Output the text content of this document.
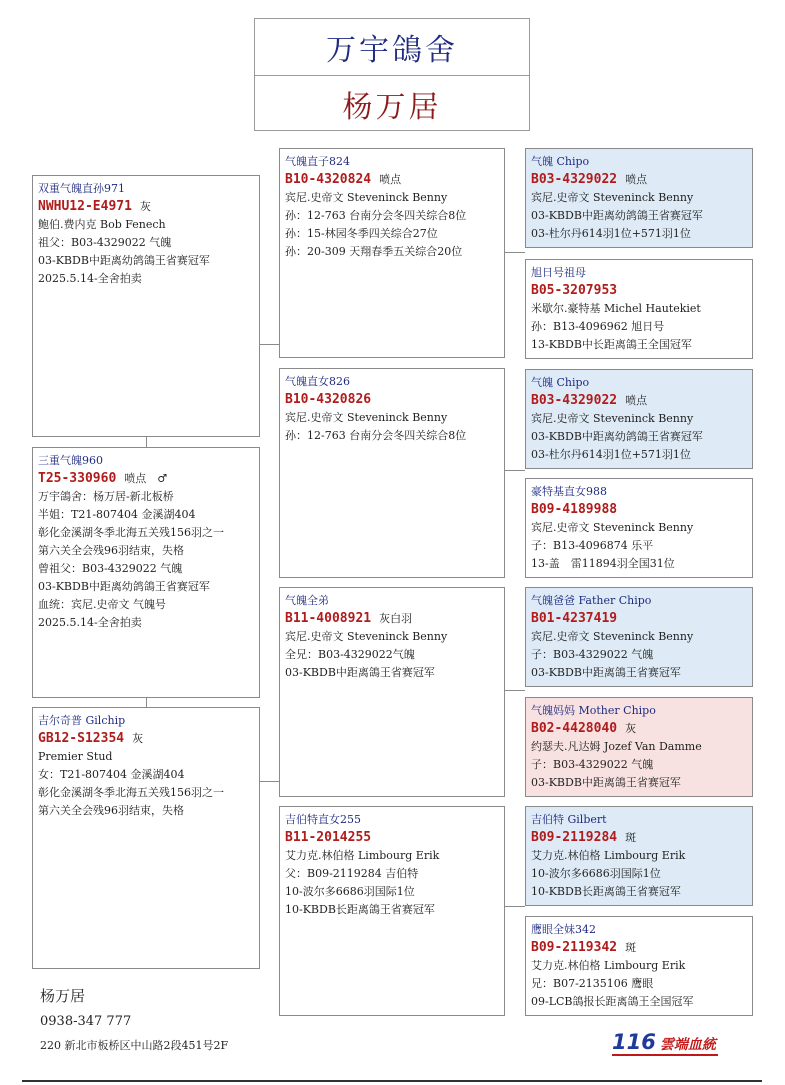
万宇鴿舍
杨万居
双重气魄直孙971
NWHU12-E4971 灰
鲍伯.费内克 Bob Fenech
祖父：B03-4329022 气魄
03-KBDB中距离幼鸽鴿王省赛冠军
2025.5.14-全舍拍卖
三重气魄960
T25-330960 喷点　♂
万宇鴿舍：杨万居-新北板桥
半姐：T21-807404 金溪湖404
彰化金溪湖冬季北海五关残156羽之一
第六关全会残96羽结束，失格
曾祖父：B03-4329022 气魄
03-KBDB中距离幼鸽鴿王省赛冠军
血统：宾尼.史帝文 气魄号
2025.5.14-全舍拍卖
吉尔奇普 Gilchip
GB12-S12354 灰
Premier Stud
女：T21-807404 金溪湖404
彰化金溪湖冬季北海五关残156羽之一
第六关全会残96羽结束，失格
气魄直子824
B10-4320824 喷点
宾尼.史帝文 Steveninck Benny
孙：12-763 台南分会冬四关综合8位
孙：15-林园冬季四关综合27位
孙：20-309 天翔春季五关综合20位
气魄直女826
B10-4320826
宾尼.史帝文 Steveninck Benny
孙：12-763 台南分会冬四关综合8位
气魄全弟
B11-4008921 灰白羽
宾尼.史帝文 Steveninck Benny
全兄：B03-4329022气魄
03-KBDB中距离鴿王省赛冠军
吉伯特直女255
B11-2014255
艾力克.林伯格 Limbourg Erik
父：B09-2119284 吉伯特
10-波尔多6686羽国际1位
10-KBDB长距离鴿王省赛冠军
气魄 Chipo
B03-4329022 喷点
宾尼.史帝文 Steveninck Benny
03-KBDB中距离幼鸽鴿王省赛冠军
03-杜尔丹614羽1位+571羽1位
旭日号祖母
B05-3207953
米歇尔.豪特基 Michel Hautekiet
孙：B13-4096962 旭日号
13-KBDB中长距离鴿王全国冠军
气魄 Chipo
B03-4329022 喷点
宾尼.史帝文 Steveninck Benny
03-KBDB中距离幼鸽鴿王省赛冠军
03-杜尔丹614羽1位+571羽1位
豪特基直女988
B09-4189988
宾尼.史帝文 Steveninck Benny
子：B13-4096874 乐平
13-盖　雷11894羽全国31位
气魄爸爸 Father Chipo
B01-4237419
宾尼.史帝文 Steveninck Benny
子：B03-4329022 气魄
03-KBDB中距离鴿王省赛冠军
气魄妈妈 Mother Chipo
B02-4428040 灰
约瑟夫.凡达姆 Jozef Van Damme
子：B03-4329022 气魄
03-KBDB中距离鴿王省赛冠军
吉伯特 Gilbert
B09-2119284 斑
艾力克.林伯格 Limbourg Erik
10-波尔多6686羽国际1位
10-KBDB长距离鴿王省赛冠军
鹰眼全妹342
B09-2119342 斑
艾力克.林伯格 Limbourg Erik
兄：B07-2135106 鹰眼
09-LCB鴿报长距离鴿王全国冠军
杨万居
0938-347 777
220 新北市板桥区中山路2段451号2F	116 雲端血統
